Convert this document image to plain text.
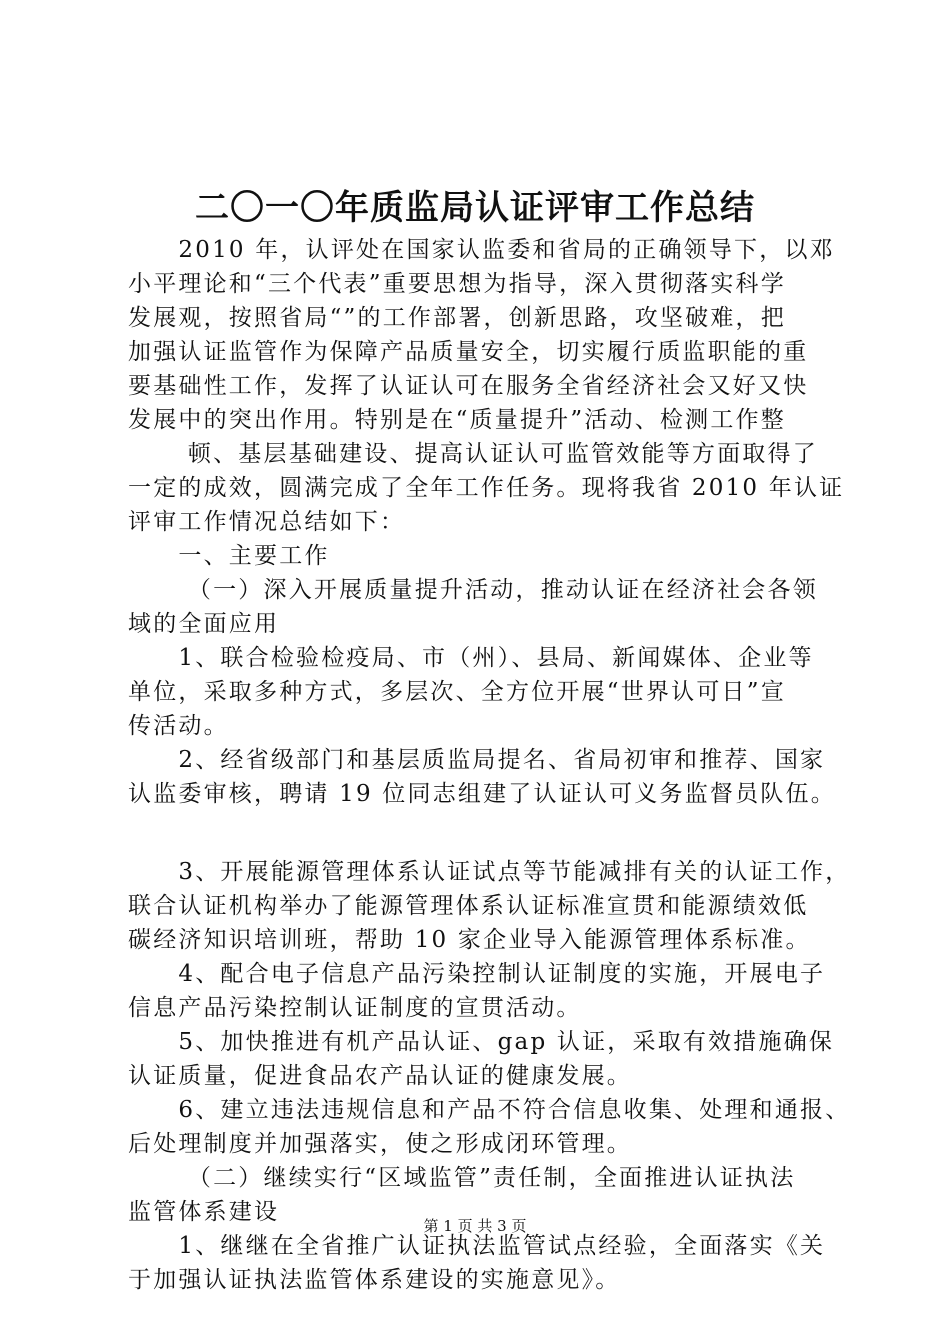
二〇一〇年质监局认证评审工作总结
　　2010 年，认评处在国家认监委和省局的正确领导下，以邓
小平理论和“三个代表”重要思想为指导，深入贯彻落实科学
发展观，按照省局“”的工作部署，创新思路，攻坚破难，把
加强认证监管作为保障产品质量安全，切实履行质监职能的重
要基础性工作，发挥了认证认可在服务全省经济社会又好又快
发展中的突出作用。特别是在“质量提升”活动、检测工作整
　　 顿、基层基础建设、提高认证认可监管效能等方面取得了
一定的成效，圆满完成了全年工作任务。现将我省 2010 年认证
评审工作情况总结如下：
　　一、主要工作
　　 （一）深入开展质量提升活动，推动认证在经济社会各领
域的全面应用
　　1、联合检验检疫局、市（州）、县局、新闻媒体、企业等
单位，采取多种方式，多层次、全方位开展“世界认可日”宣
传活动。
　　2、经省级部门和基层质监局提名、省局初审和推荐、国家
认监委审核，聘请 19 位同志组建了认证认可义务监督员队伍。
　　3、开展能源管理体系认证试点等节能减排有关的认证工作，
联合认证机构举办了能源管理体系认证标准宣贯和能源绩效低
碳经济知识培训班，帮助 10 家企业导入能源管理体系标准。
　　4、配合电子信息产品污染控制认证制度的实施，开展电子
信息产品污染控制认证制度的宣贯活动。
　　5、加快推进有机产品认证、gap 认证，采取有效措施确保
认证质量，促进食品农产品认证的健康发展。
　　6、建立违法违规信息和产品不符合信息收集、处理和通报、
后处理制度并加强落实，使之形成闭环管理。
　　 （二）继续实行“区域监管”责任制，全面推进认证执法
监管体系建设
　　1、继继在全省推广认证执法监管试点经验，全面落实《关
于加强认证执法监管体系建设的实施意见》。
第 1 页 共 3 页
